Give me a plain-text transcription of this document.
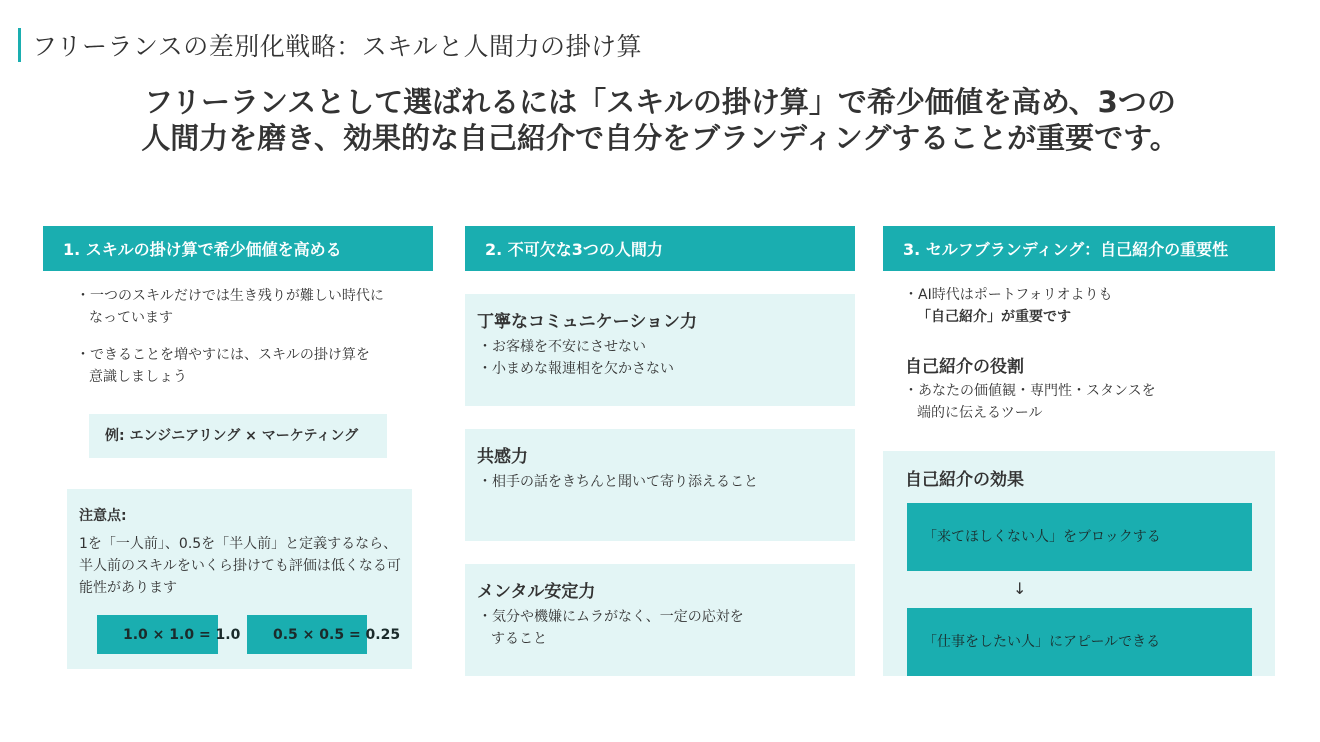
フリーランスの差別化戦略：スキルと人間力の掛け算
フリーランスとして選ばれるには「スキルの掛け算」で希少価値を高め、3つの人間力を磨き、効果的な自己紹介で自分をブランディングすることが重要です。
1. スキルの掛け算で希少価値を高める
・一つのスキルだけでは生き残りが難しい時代に
なっています
・できることを増やすには、スキルの掛け算を
意識しましょう
例: エンジニアリング × マーケティング
注意点:
1を「一人前」、0.5を「半人前」と定義するなら、半人前のスキルをいくら掛けても評価は低くなる可能性があります
1.0 × 1.0 = 1.0	0.5 × 0.5 = 0.25
2. 不可欠な3つの人間力
丁寧なコミュニケーション力
・お客様を不安にさせない
・小まめな報連相を欠かさない
共感力
・相手の話をきちんと聞いて寄り添えること
メンタル安定力
・気分や機嫌にムラがなく、一定の応対を
すること
3. セルフブランディング：自己紹介の重要性
・AI時代はポートフォリオよりも
「自己紹介」が重要です
自己紹介の役割
・あなたの価値観・専門性・スタンスを
端的に伝えるツール
自己紹介の効果
「来てほしくない人」をブロックする
↓
「仕事をしたい人」にアピールできる
